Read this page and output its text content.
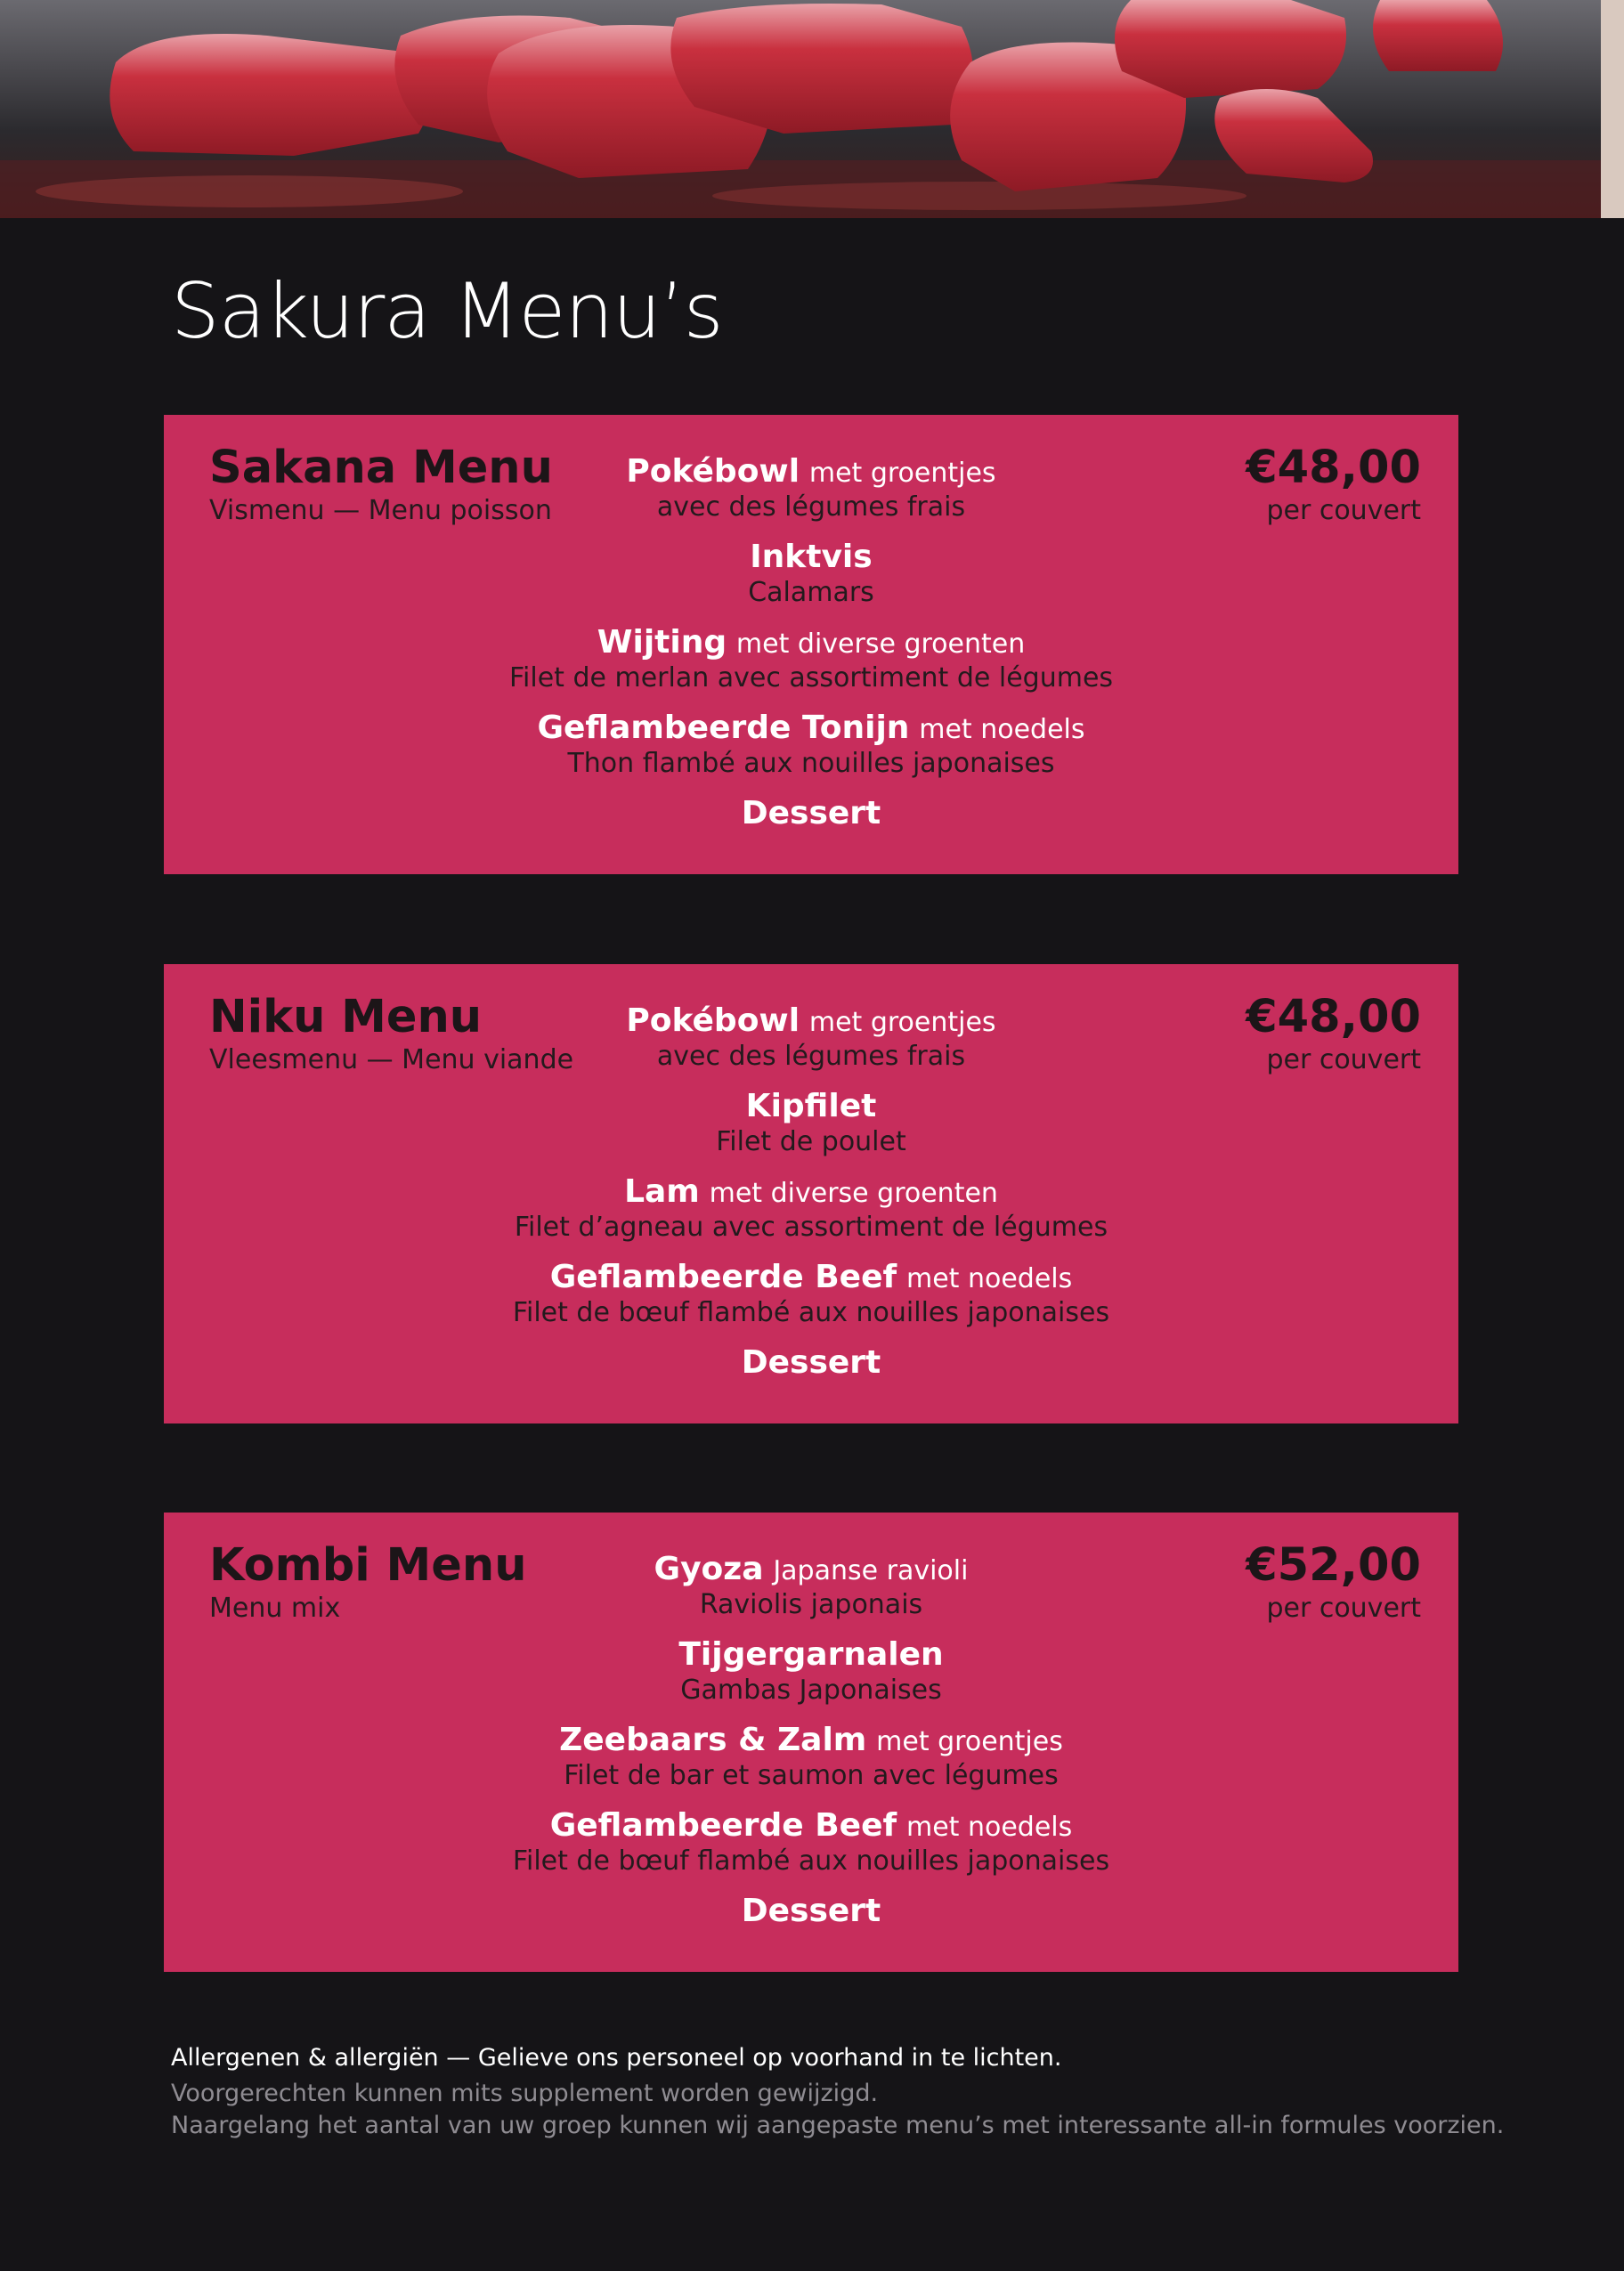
Sakura Menu’s
Sakana Menu
Vismenu — Menu poisson
€48,00
per couvert
Pokébowl met groentjes
avec des légumes frais
Inktvis
Calamars
Wijting met diverse groenten
Filet de merlan avec assortiment de légumes
Geflambeerde Tonijn met noedels
Thon flambé aux nouilles japonaises
Dessert
Niku Menu
Vleesmenu — Menu viande
€48,00
per couvert
Pokébowl met groentjes
avec des légumes frais
Kipfilet
Filet de poulet
Lam met diverse groenten
Filet d’agneau avec assortiment de légumes
Geflambeerde Beef met noedels
Filet de bœuf flambé aux nouilles japonaises
Dessert
Kombi Menu
Menu mix
€52,00
per couvert
Gyoza Japanse ravioli
Raviolis japonais
Tijgergarnalen
Gambas Japonaises
Zeebaars & Zalm met groentjes
Filet de bar et saumon avec légumes
Geflambeerde Beef met noedels
Filet de bœuf flambé aux nouilles japonaises
Dessert
Allergenen & allergiën — Gelieve ons personeel op voorhand in te lichten.
Voorgerechten kunnen mits supplement worden gewijzigd.
Naargelang het aantal van uw groep kunnen wij aangepaste menu’s met interessante all-in formules voorzien.
